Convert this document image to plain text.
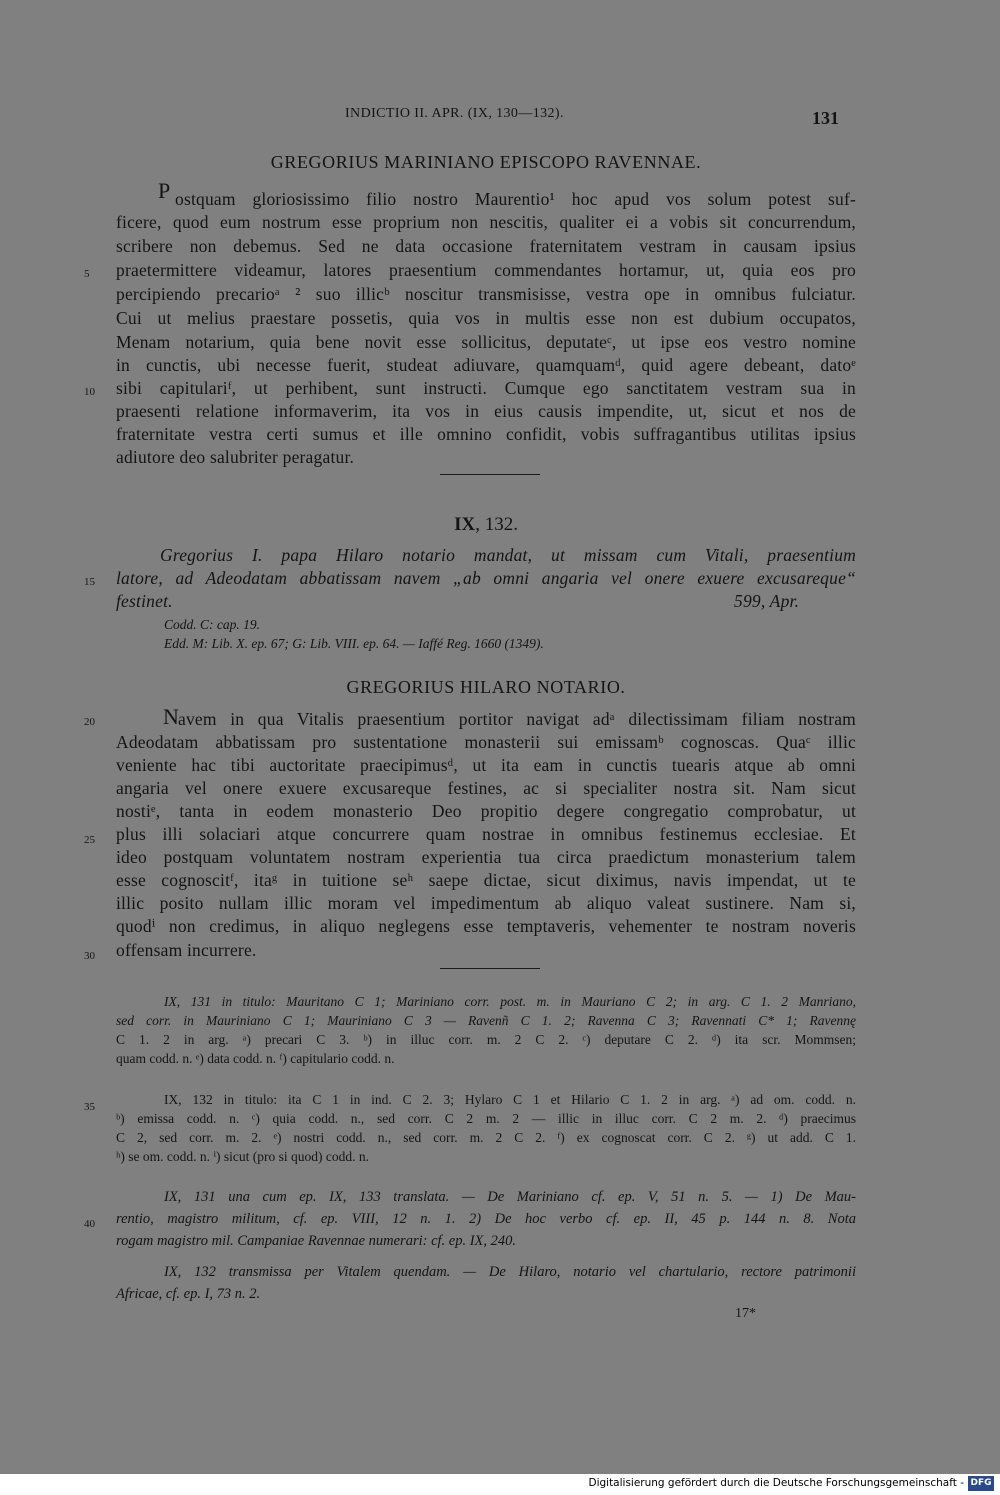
INDICTIO II. APR. (IX, 130—132).	131
GREGORIUS MARINIANO EPISCOPO RAVENNAE.
P ostquam gloriosissimo filio nostro Maurentio¹ hoc apud vos solum potest suf-
ficere, quod eum nostrum esse proprium non nescitis, qualiter ei a vobis sit concurrendum,
scribere non debemus. Sed ne data occasione fraternitatem vestram in causam ipsius
praetermittere videamur, latores praesentium commendantes hortamur, ut, quia eos pro
percipiendo precarioᵃ ² suo illicᵇ noscitur transmisisse, vestra ope in omnibus fulciatur.
Cui ut melius praestare possetis, quia vos in multis esse non est dubium occupatos,
Menam notarium, quia bene novit esse sollicitus, deputateᶜ, ut ipse eos vestro nomine
in cunctis, ubi necesse fuerit, studeat adiuvare, quamquamᵈ, quid agere debeant, datoᵉ
sibi capitulariᶠ, ut perhibent, sunt instructi. Cumque ego sanctitatem vestram sua in
praesenti relatione informaverim, ita vos in eius causis impendite, ut, sicut et nos de
fraternitate vestra certi sumus et ille omnino confidit, vobis suffragantibus utilitas ipsius
adiutore deo salubriter peragatur.
5
10
15
20
25
30
35
40
IX, 132.
Gregorius I. papa Hilaro notario mandat, ut missam cum Vitali, praesentium
latore, ad Adeodatam abbatissam navem „ab omni angaria vel onere exuere excusareque“
festinet.	599, Apr.
Codd. C: cap. 19.
Edd. M: Lib. X. ep. 67; G: Lib. VIII. ep. 64. — Iaffé Reg. 1660 (1349).
GREGORIUS HILARO NOTARIO.
N avem in qua Vitalis praesentium portitor navigat adᵃ dilectissimam filiam nostram
Adeodatam abbatissam pro sustentatione monasterii sui emissamᵇ cognoscas. Quaᶜ illic
veniente hac tibi auctoritate praecipimusᵈ, ut ita eam in cunctis tuearis atque ab omni
angaria vel onere exuere excusareque festines, ac si specialiter nostra sit. Nam sicut
nostiᵉ, tanta in eodem monasterio Deo propitio degere congregatio comprobatur, ut
plus illi solaciari atque concurrere quam nostrae in omnibus festinemus ecclesiae. Et
ideo postquam voluntatem nostram experientia tua circa praedictum monasterium talem
esse cognoscitᶠ, itaᵍ in tuitione seʰ saepe dictae, sicut diximus, navis impendat, ut te
illic posito nullam illic moram vel impedimentum ab aliquo valeat sustinere. Nam si,
quodⁱ non credimus, in aliquo neglegens esse temptaveris, vehementer te nostram noveris
offensam incurrere.
IX, 131 in titulo: Mauritano C 1; Mariniano corr. post. m. in Mauriano C 2; in arg. C 1. 2 Manriano,
sed corr. in Mauriniano C 1; Mauriniano C 3 — Ravenñ C 1. 2; Ravenna C 3; Ravennati C* 1; Ravennę
C 1. 2 in arg. ᵃ) precari C 3. ᵇ) in illuc corr. m. 2 C 2. ᶜ) deputare C 2. ᵈ) ita scr. Mommsen;
quam codd. n. ᵉ) data codd. n. ᶠ) capitulario codd. n.
IX, 132 in titulo: ita C 1 in ind. C 2. 3; Hylaro C 1 et Hilario C 1. 2 in arg. ᵃ) ad om. codd. n.
ᵇ) emissa codd. n. ᶜ) quia codd. n., sed corr. C 2 m. 2 — illic in illuc corr. C 2 m. 2. ᵈ) praecimus
C 2, sed corr. m. 2. ᵉ) nostri codd. n., sed corr. m. 2 C 2. ᶠ) ex cognoscat corr. C 2. ᵍ) ut add. C 1.
ʰ) se om. codd. n. ⁱ) sicut (pro si quod) codd. n.
IX, 131 una cum ep. IX, 133 translata. — De Mariniano cf. ep. V, 51 n. 5. — 1) De Mau-
rentio, magistro militum, cf. ep. VIII, 12 n. 1. 2) De hoc verbo cf. ep. II, 45 p. 144 n. 8. Nota
rogam magistro mil. Campaniae Ravennae numerari: cf. ep. IX, 240.
IX, 132 transmissa per Vitalem quendam. — De Hilaro, notario vel chartulario, rectore patrimonii
Africae, cf. ep. I, 73 n. 2.
17*
Digitalisierung gefördert durch die Deutsche Forschungsgemeinschaft - DFG
